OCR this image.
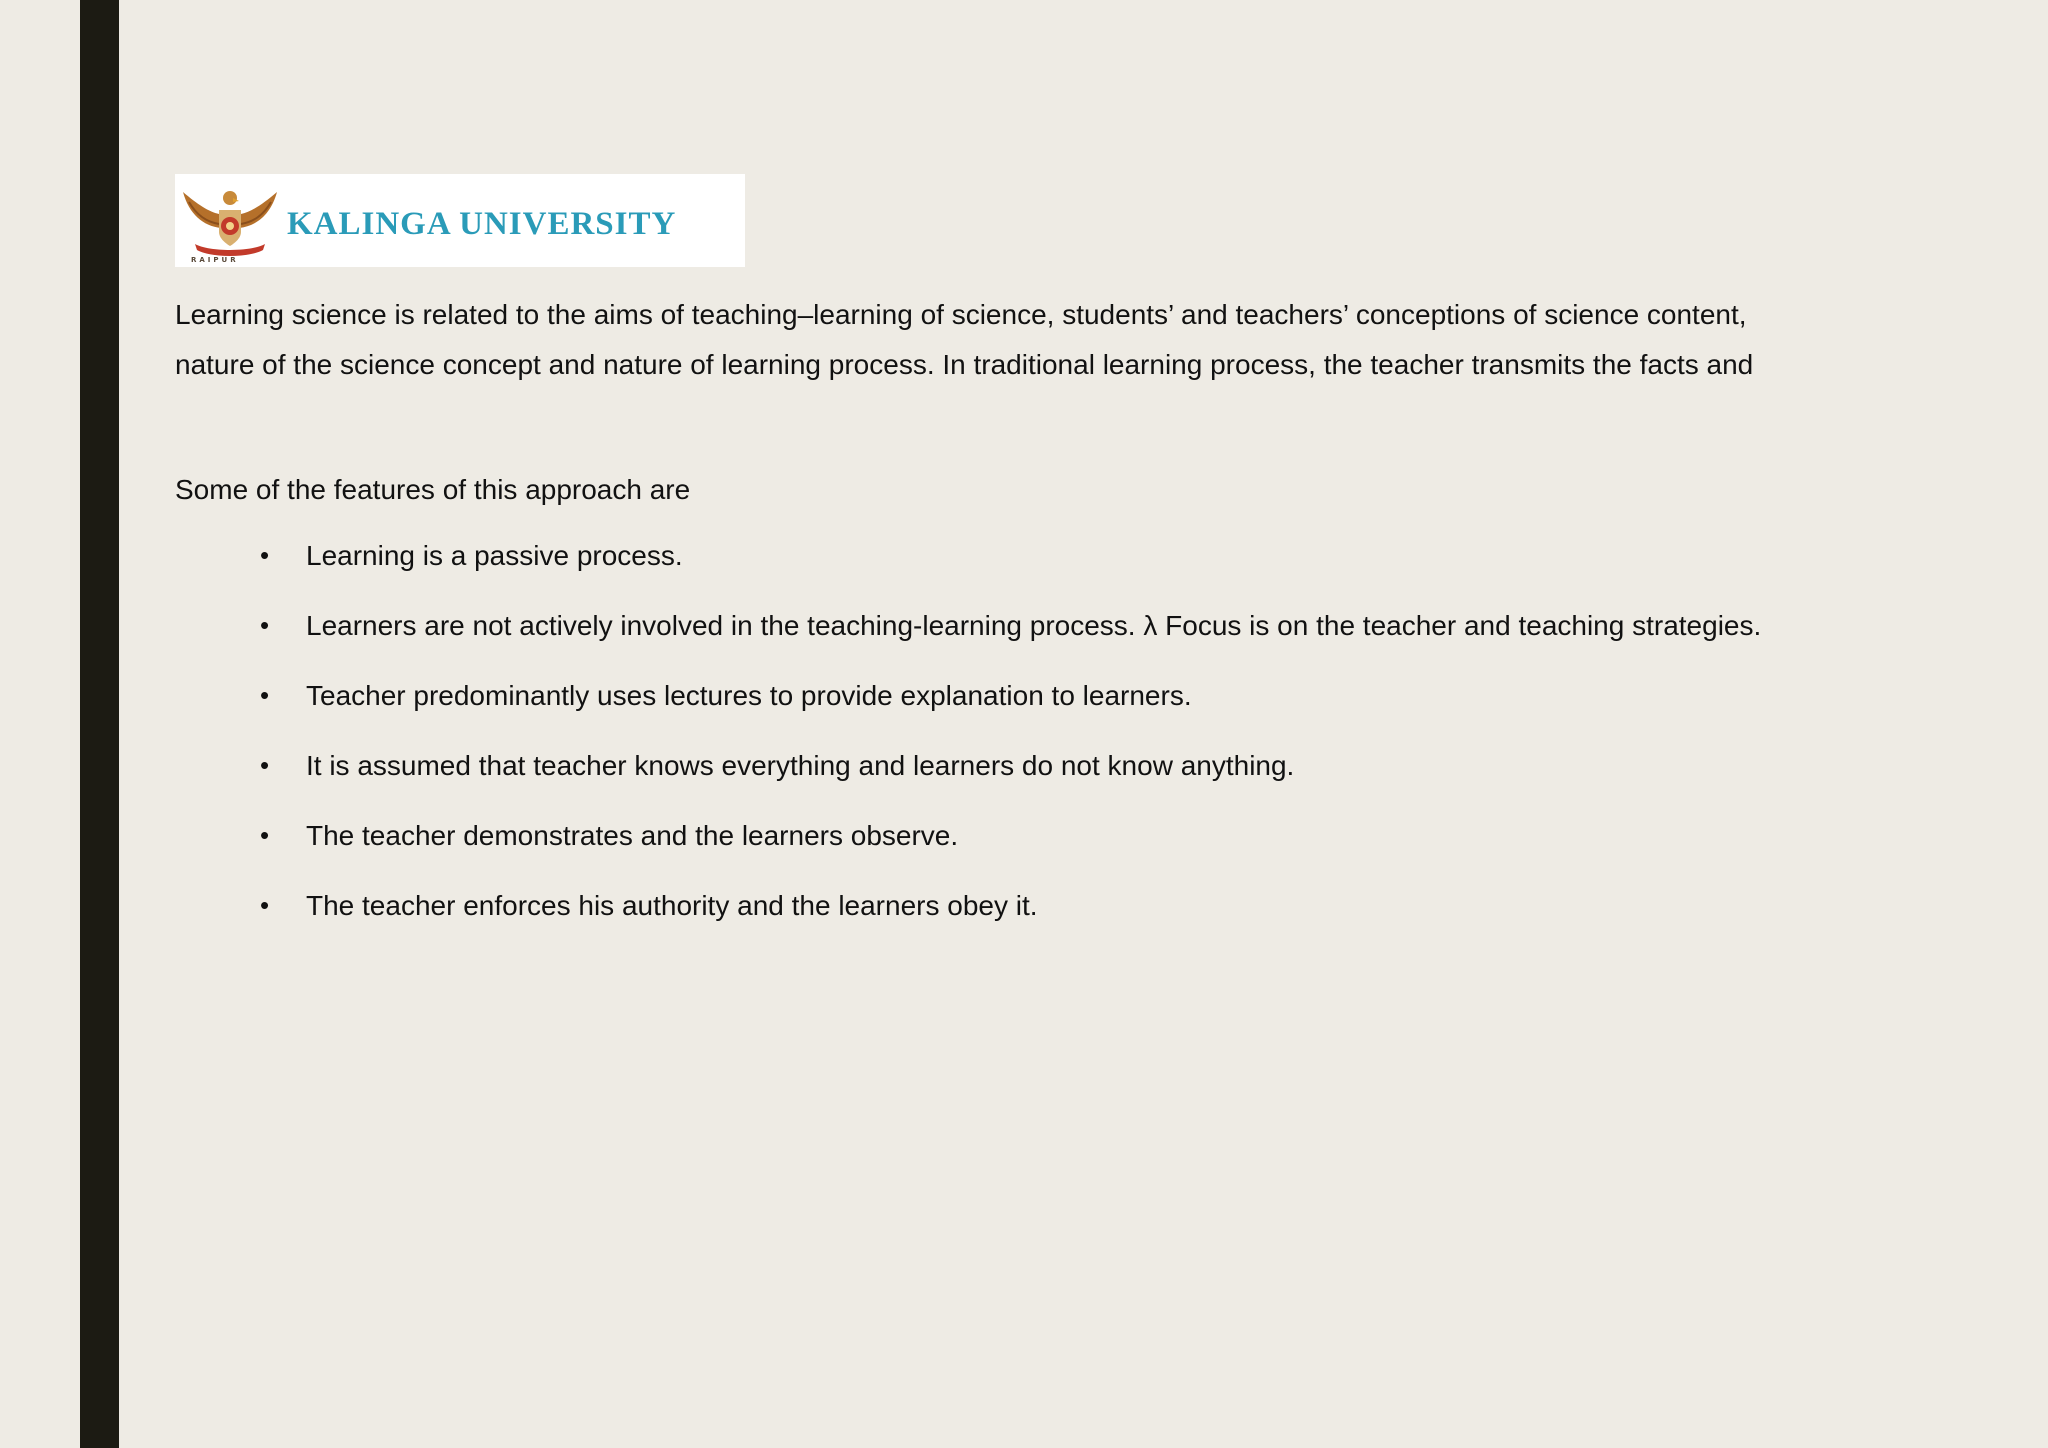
RAIPUR
KALINGA UNIVERSITY

Learning science is related to the aims of teaching–learning of science, students’ and teachers’ conceptions of science content, nature of the science concept and nature of learning process. In traditional learning process, the teacher transmits the facts and

Some of the features of this approach are

• Learning is a passive process.
• Learners are not actively involved in the teaching-learning process. λ Focus is on the teacher and teaching strategies.
• Teacher predominantly uses lectures to provide explanation to learners.
• It is assumed that teacher knows everything and learners do not know anything.
• The teacher demonstrates and the learners observe.
• The teacher enforces his authority and the learners obey it.
